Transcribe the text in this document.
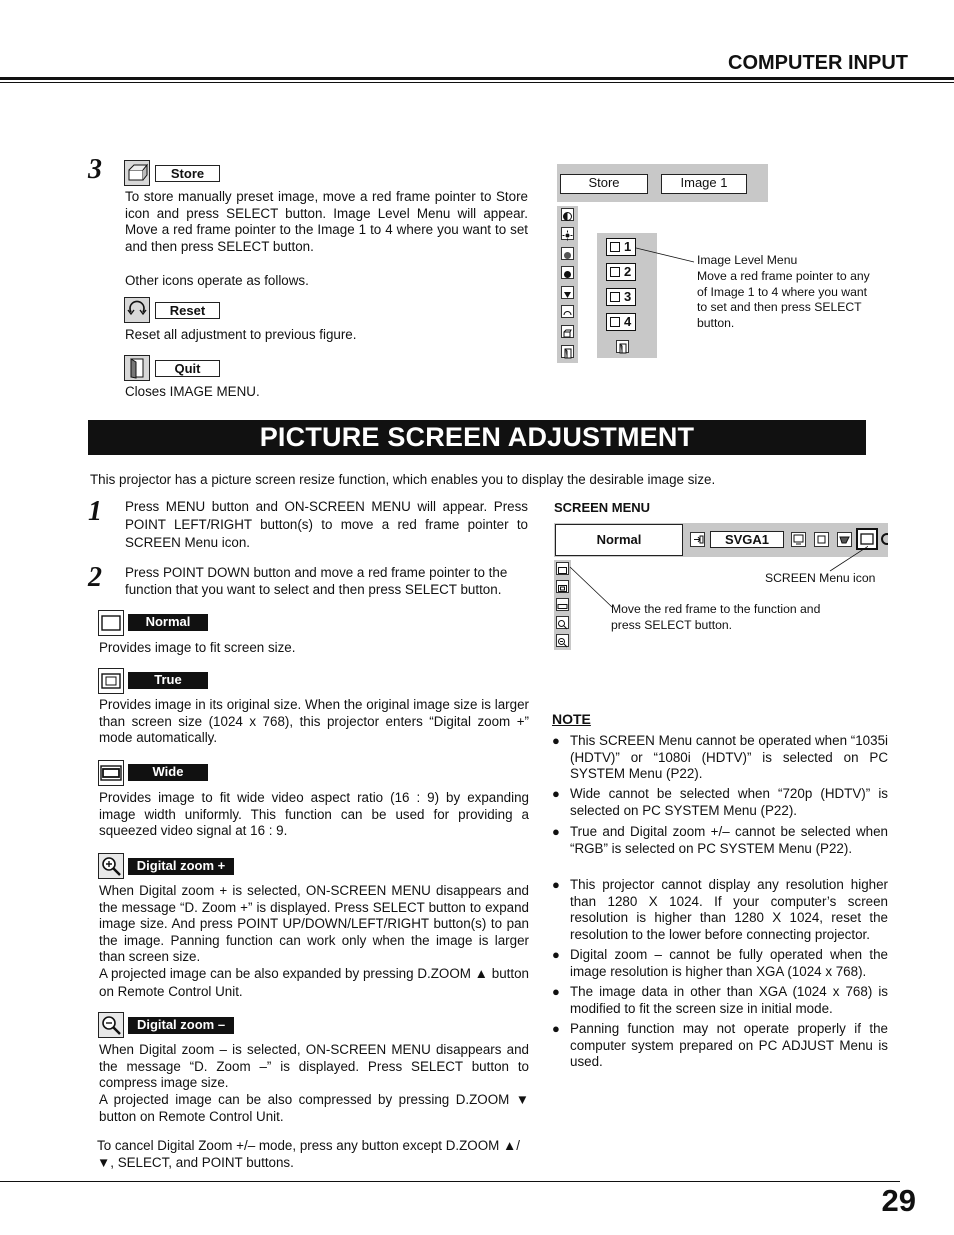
COMPUTER INPUT
3	Store
To store manually preset image, move a red frame pointer to Store icon and press SELECT button. Image Level Menu will appear. Move a red frame pointer to the Image 1 to 4 where you want to set and then press SELECT button.
Other icons operate as follows.
Reset
Reset all adjustment to previous figure.
Quit
Closes IMAGE MENU.
Store	Image 1
1
2
3
4
Image Level Menu
Move a red frame pointer to any of Image 1 to 4 where you want to set and then press SELECT button.
PICTURE SCREEN ADJUSTMENT
This projector has a picture screen resize function, which enables you to display the desirable image size.
1 Press MENU button and ON-SCREEN MENU will appear. Press POINT LEFT/RIGHT button(s) to move a red frame pointer to SCREEN Menu icon.
2 Press POINT DOWN button and move a red frame pointer to the function that you want to select and then press SELECT button.
Normal
Provides image to fit screen size.
True
Provides image in its original size. When the original image size is larger than screen size (1024 x 768), this projector enters “Digital zoom +” mode automatically.
Wide
Provides image to fit wide video aspect ratio (16 : 9) by expanding image width uniformly. This function can be used for providing a squeezed video signal at 16 : 9.
Digital zoom +
When Digital zoom + is selected, ON-SCREEN MENU disappears and the message “D. Zoom +” is displayed. Press SELECT button to expand image size. And press POINT UP/DOWN/LEFT/RIGHT button(s) to pan the image. Panning function can work only when the image is larger than screen size.
A projected image can be also expanded by pressing D.ZOOM ▲ button on Remote Control Unit.
Digital zoom –
When Digital zoom – is selected, ON-SCREEN MENU disappears and the message “D. Zoom –” is displayed. Press SELECT button to compress image size.
A projected image can be also compressed by pressing D.ZOOM ▼ button on Remote Control Unit.
To cancel Digital Zoom +/– mode, press any button except D.ZOOM ▲/▼, SELECT, and POINT buttons.
SCREEN MENU
Normal	SVGA1
SCREEN Menu icon
Move the red frame to the function and press SELECT button.
NOTE
● This SCREEN Menu cannot be operated when “1035i (HDTV)” or “1080i (HDTV)” is selected on PC SYSTEM Menu (P22).
● Wide cannot be selected when “720p (HDTV)” is selected on PC SYSTEM Menu (P22).
● True and Digital zoom +/– cannot be selected when “RGB” is selected on PC SYSTEM Menu (P22).
● This projector cannot display any resolution higher than 1280 X 1024. If your computer’s screen resolution is higher than 1280 X 1024, reset the resolution to the lower before connecting projector.
● Digital zoom – cannot be fully operated when the image resolution is higher than XGA (1024 x 768).
● The image data in other than XGA (1024 x 768) is modified to fit the screen size in initial mode.
● Panning function may not operate properly if the computer system prepared on PC ADJUST Menu is used.
29
